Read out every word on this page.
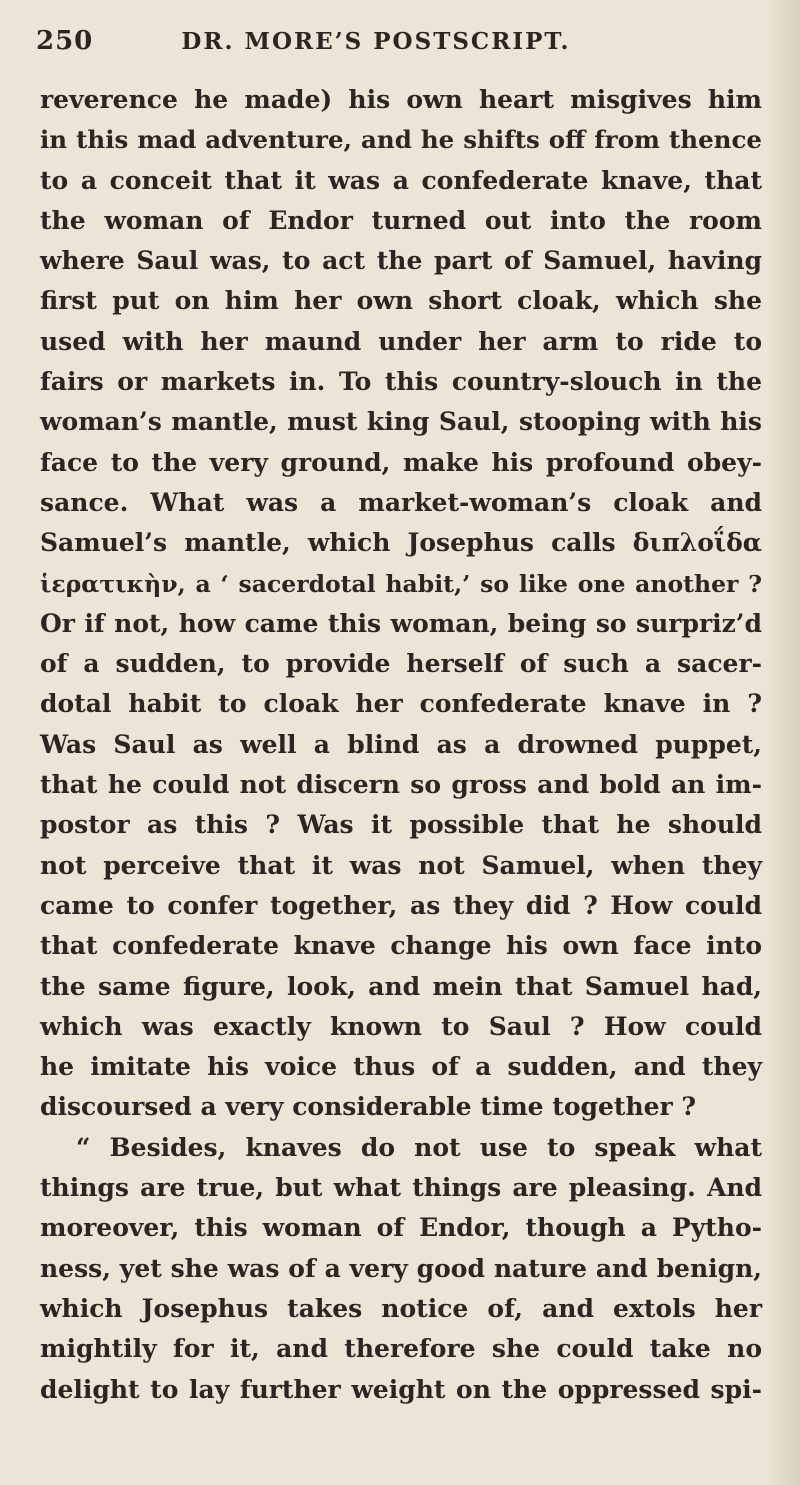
250	DR. MORE’S POSTSCRIPT.
reverence he made) his own heart misgives him
in this mad adventure, and he shifts off from thence
to a conceit that it was a confederate knave, that
the woman of Endor turned out into the room
where Saul was, to act the part of Samuel, having
first put on him her own short cloak, which she
used with her maund under her arm to ride to
fairs or markets in. To this country-slouch in the
woman’s mantle, must king Saul, stooping with his
face to the very ground, make his profound obey-
sance. What was a market-woman’s cloak and
Samuel’s mantle, which Josephus calls διπλοΐδα
ἱερατικὴν, a ‘ sacerdotal habit,’ so like one another ?
Or if not, how came this woman, being so surpriz’d
of a sudden, to provide herself of such a sacer-
dotal habit to cloak her confederate knave in ?
Was Saul as well a blind as a drowned puppet,
that he could not discern so gross and bold an im-
postor as this ? Was it possible that he should
not perceive that it was not Samuel, when they
came to confer together, as they did ? How could
that confederate knave change his own face into
the same figure, look, and mein that Samuel had,
which was exactly known to Saul ? How could
he imitate his voice thus of a sudden, and they
discoursed a very considerable time together ?
“ Besides, knaves do not use to speak what
things are true, but what things are pleasing. And
moreover, this woman of Endor, though a Pytho-
ness, yet she was of a very good nature and benign,
which Josephus takes notice of, and extols her
mightily for it, and therefore she could take no
delight to lay further weight on the oppressed spi-
